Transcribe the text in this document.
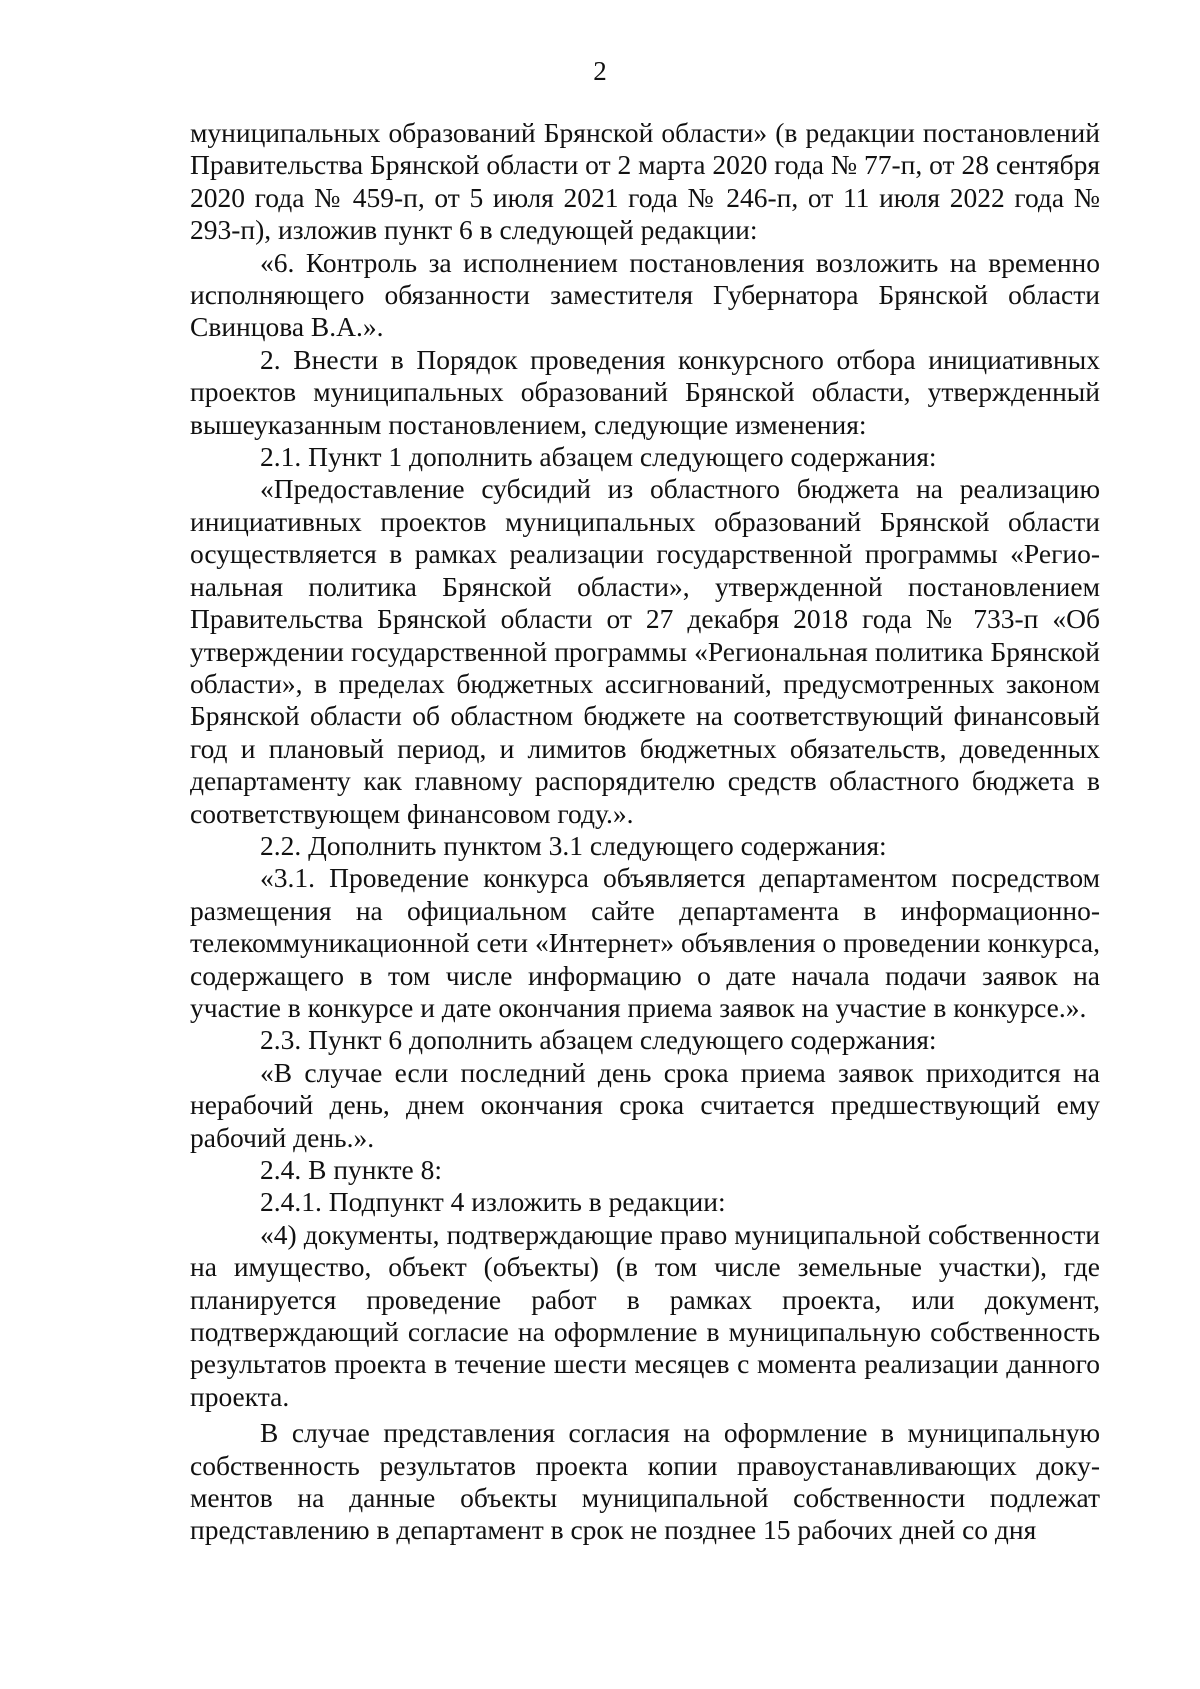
2

муниципальных образований Брянской области» (в редакции постановлений Правительства Брянской области от 2 марта 2020 года № 77-п, от 28 сентября 2020 года № 459-п, от 5 июля 2021 года № 246-п, от 11 июля 2022 года № 293-п), изложив пункт 6 в следующей редакции:

«6. Контроль за исполнением постановления возложить на временно исполняющего обязанности заместителя Губернатора Брянской области Свинцова В.А.».

2. Внести в Порядок проведения конкурсного отбора инициативных проектов муниципальных образований Брянской области, утвержденный вышеуказанным постановлением, следующие изменения:

2.1. Пункт 1 дополнить абзацем следующего содержания:

«Предоставление субсидий из областного бюджета на реализацию инициативных проектов муниципальных образований Брянской области осуществляется в рамках реализации государственной программы «Региональная политика Брянской области», утвержденной постановлением Правительства Брянской области от 27 декабря 2018 года № 733-п «Об утверждении государственной программы «Региональная политика Брянской области», в пределах бюджетных ассигнований, предусмотренных законом Брянской области об областном бюджете на соответствующий финансовый год и плановый период, и лимитов бюджетных обязательств, доведенных департаменту как главному распорядителю средств областного бюджета в соответствующем финансовом году.».

2.2. Дополнить пунктом 3.1 следующего содержания:

«3.1. Проведение конкурса объявляется департаментом посредством размещения на официальном сайте департамента в информационно-телекоммуникационной сети «Интернет» объявления о проведении конкурса, содержащего в том числе информацию о дате начала подачи заявок на участие в конкурсе и дате окончания приема заявок на участие в конкурсе.».

2.3. Пункт 6 дополнить абзацем следующего содержания:

«В случае если последний день срока приема заявок приходится на нерабочий день, днем окончания срока считается предшествующий ему рабочий день.».

2.4. В пункте 8:

2.4.1. Подпункт 4 изложить в редакции:

«4) документы, подтверждающие право муниципальной собственности на имущество, объект (объекты) (в том числе земельные участки), где планируется проведение работ в рамках проекта, или документ, подтверждающий согласие на оформление в муниципальную собственность результатов проекта в течение шести месяцев с момента реализации данного проекта.

В случае представления согласия на оформление в муниципальную собственность результатов проекта копии правоустанавливающих документов на данные объекты муниципальной собственности подлежат представлению в департамент в срок не позднее 15 рабочих дней со дня
